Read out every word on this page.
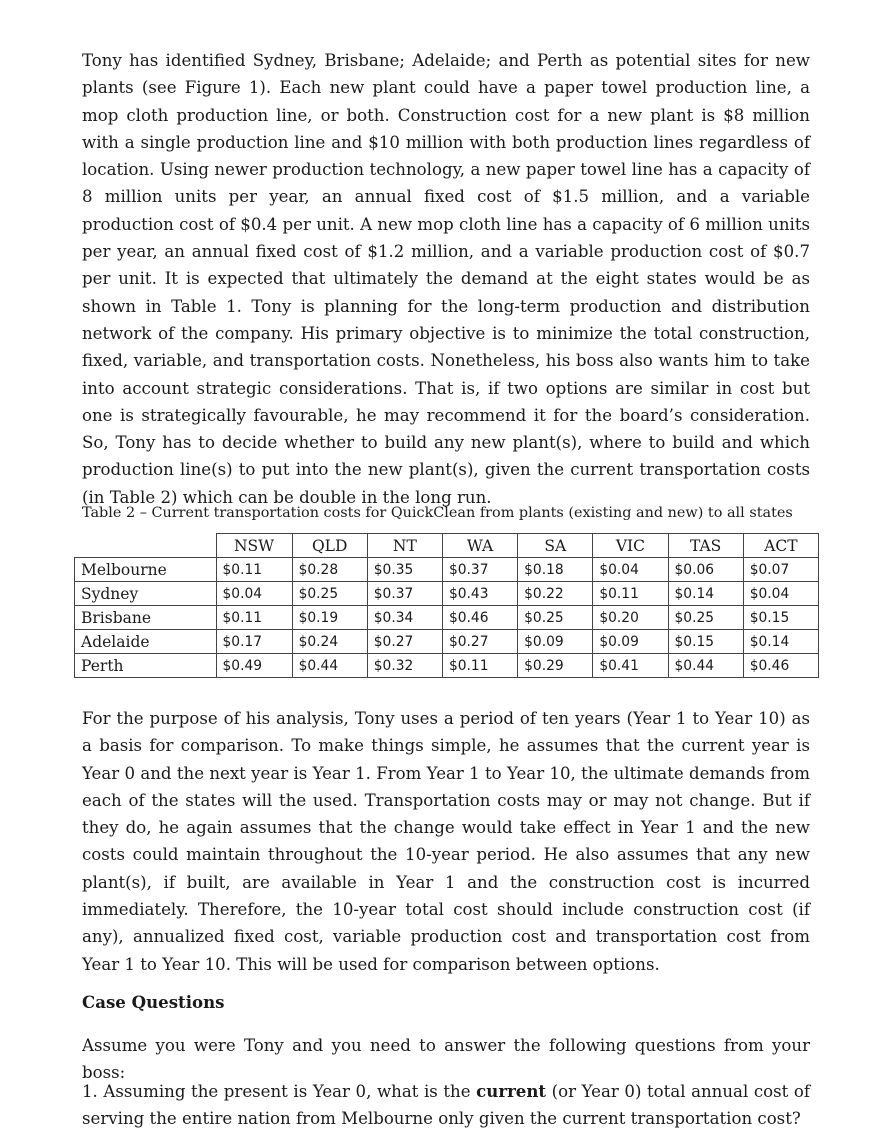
Tony has identified Sydney, Brisbane; Adelaide; and Perth as potential sites for new plants (see Figure 1). Each new plant could have a paper towel production line, a mop cloth production line, or both. Construction cost for a new plant is $8 million with a single production line and $10 million with both production lines regardless of location. Using newer production technology, a new paper towel line has a capacity of 8 million units per year, an annual fixed cost of $1.5 million, and a variable production cost of $0.4 per unit. A new mop cloth line has a capacity of 6 million units per year, an annual fixed cost of $1.2 million, and a variable production cost of $0.7 per unit. It is expected that ultimately the demand at the eight states would be as shown in Table 1. Tony is planning for the long-term production and distribution network of the company. His primary objective is to minimize the total construction, fixed, variable, and transportation costs. Nonetheless, his boss also wants him to take into account strategic considerations. That is, if two options are similar in cost but one is strategically favourable, he may recommend it for the board’s consideration. So, Tony has to decide whether to build any new plant(s), where to build and which production line(s) to put into the new plant(s), given the current transportation costs (in Table 2) which can be double in the long run.

Table 2 – Current transportation costs for QuickClean from plants (existing and new) to all states

	NSW	QLD	NT	WA	SA	VIC	TAS	ACT
Melbourne	$0.11	$0.28	$0.35	$0.37	$0.18	$0.04	$0.06	$0.07
Sydney	$0.04	$0.25	$0.37	$0.43	$0.22	$0.11	$0.14	$0.04
Brisbane	$0.11	$0.19	$0.34	$0.46	$0.25	$0.20	$0.25	$0.15
Adelaide	$0.17	$0.24	$0.27	$0.27	$0.09	$0.09	$0.15	$0.14
Perth	$0.49	$0.44	$0.32	$0.11	$0.29	$0.41	$0.44	$0.46

For the purpose of his analysis, Tony uses a period of ten years (Year 1 to Year 10) as a basis for comparison. To make things simple, he assumes that the current year is Year 0 and the next year is Year 1. From Year 1 to Year 10, the ultimate demands from each of the states will the used. Transportation costs may or may not change. But if they do, he again assumes that the change would take effect in Year 1 and the new costs could maintain throughout the 10-year period. He also assumes that any new plant(s), if built, are available in Year 1 and the construction cost is incurred immediately. Therefore, the 10-year total cost should include construction cost (if any), annualized fixed cost, variable production cost and transportation cost from Year 1 to Year 10. This will be used for comparison between options.

Case Questions

Assume you were Tony and you need to answer the following questions from your boss:

1. Assuming the present is Year 0, what is the current (or Year 0) total annual cost of serving the entire nation from Melbourne only given the current transportation cost?
